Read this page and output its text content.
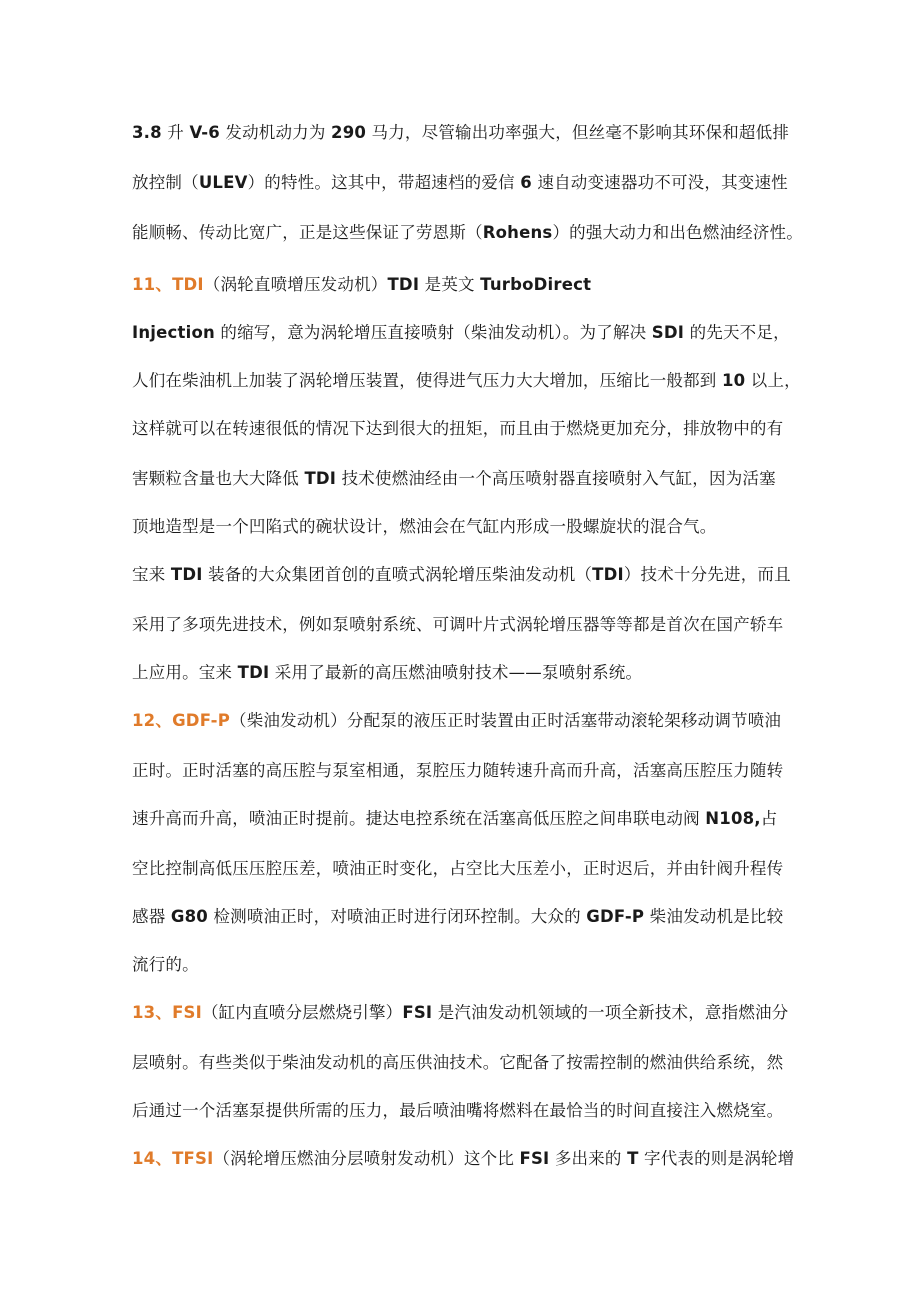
3.8 升 V-6 发动机动力为 290 马力，尽管输出功率强大，但丝毫不影响其环保和超低排

放控制（ULEV）的特性。这其中，带超速档的爱信 6 速自动变速器功不可没，其变速性

能顺畅、传动比宽广，正是这些保证了劳恩斯（Rohens）的强大动力和出色燃油经济性。

11、TDI（涡轮直喷增压发动机）TDI 是英文 TurboDirect

Injection 的缩写，意为涡轮增压直接喷射（柴油发动机）。为了解决 SDI 的先天不足，

人们在柴油机上加装了涡轮增压装置，使得进气压力大大增加，压缩比一般都到 10 以上，

这样就可以在转速很低的情况下达到很大的扭矩，而且由于燃烧更加充分，排放物中的有

害颗粒含量也大大降低 TDI 技术使燃油经由一个高压喷射器直接喷射入气缸，因为活塞

顶地造型是一个凹陷式的碗状设计，燃油会在气缸内形成一股螺旋状的混合气。

宝来 TDI 装备的大众集团首创的直喷式涡轮增压柴油发动机（TDI）技术十分先进，而且

采用了多项先进技术，例如泵喷射系统、可调叶片式涡轮增压器等等都是首次在国产轿车

上应用。宝来 TDI 采用了最新的高压燃油喷射技术——泵喷射系统。

12、GDF-P（柴油发动机）分配泵的液压正时装置由正时活塞带动滚轮架移动调节喷油

正时。正时活塞的高压腔与泵室相通，泵腔压力随转速升高而升高，活塞高压腔压力随转

速升高而升高，喷油正时提前。捷达电控系统在活塞高低压腔之间串联电动阀 N108,占

空比控制高低压压腔压差，喷油正时变化，占空比大压差小，正时迟后，并由针阀升程传

感器 G80 检测喷油正时，对喷油正时进行闭环控制。大众的 GDF-P 柴油发动机是比较

流行的。

13、FSI（缸内直喷分层燃烧引擎）FSI 是汽油发动机领域的一项全新技术，意指燃油分

层喷射。有些类似于柴油发动机的高压供油技术。它配备了按需控制的燃油供给系统，然

后通过一个活塞泵提供所需的压力，最后喷油嘴将燃料在最恰当的时间直接注入燃烧室。

14、TFSI（涡轮增压燃油分层喷射发动机）这个比 FSI 多出来的 T 字代表的则是涡轮增
